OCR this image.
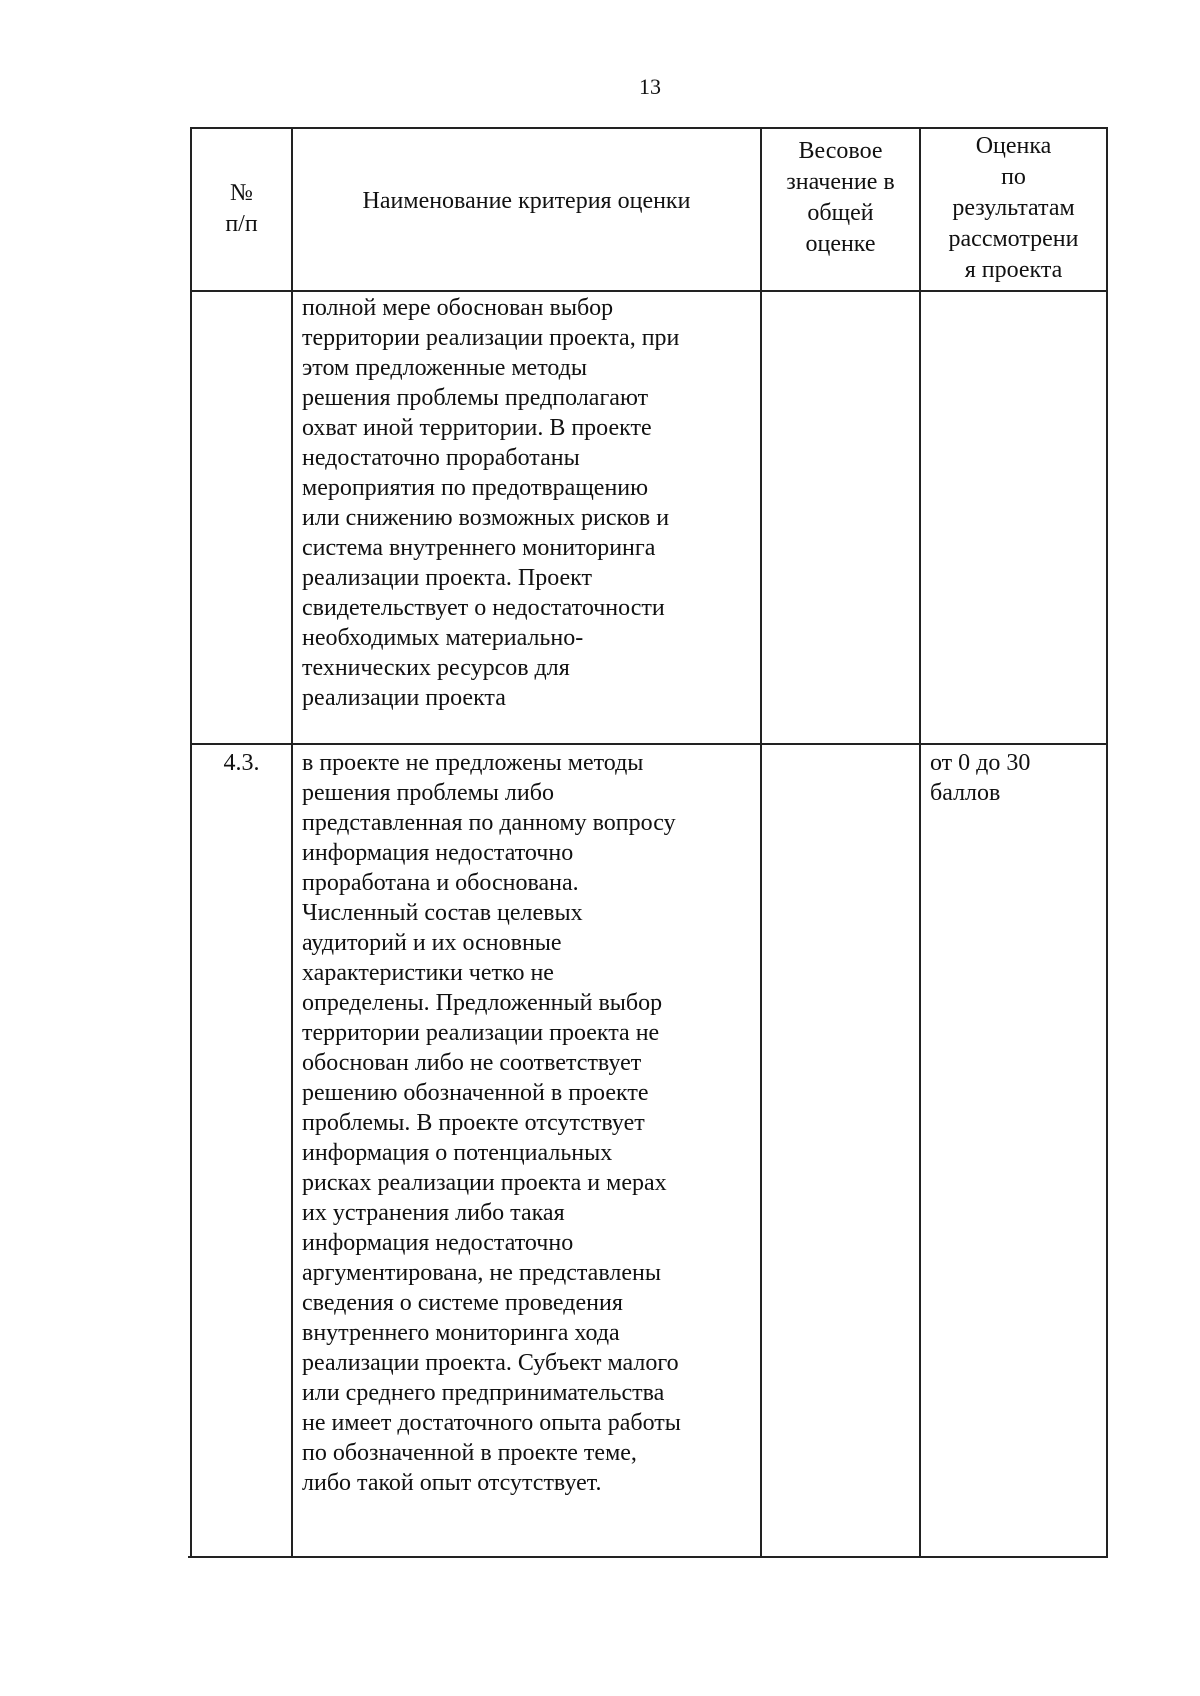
13
№
п/п
Наименование критерия оценки
Весовое
значение в
общей
оценке
Оценка
по
результатам
рассмотрени
я проекта
полной мере обоснован выбор
территории реализации проекта, при
этом предложенные методы
решения проблемы предполагают
охват иной территории. В проекте
недостаточно проработаны
мероприятия по предотвращению
или снижению возможных рисков и
система внутреннего мониторинга
реализации проекта. Проект
свидетельствует о недостаточности
необходимых материально-
технических ресурсов для
реализации проекта
4.3.	в проекте не предложены методы
решения проблемы либо
представленная по данному вопросу
информация недостаточно
проработана и обоснована.
Численный состав целевых
аудиторий и их основные
характеристики четко не
определены. Предложенный выбор
территории реализации проекта не
обоснован либо не соответствует
решению обозначенной в проекте
проблемы. В проекте отсутствует
информация о потенциальных
рисках реализации проекта и мерах
их устранения либо такая
информация недостаточно
аргументирована, не представлены
сведения о системе проведения
внутреннего мониторинга хода
реализации проекта. Субъект малого
или среднего предпринимательства
не имеет достаточного опыта работы
по обозначенной в проекте теме,
либо такой опыт отсутствует.
от 0 до 30
баллов
